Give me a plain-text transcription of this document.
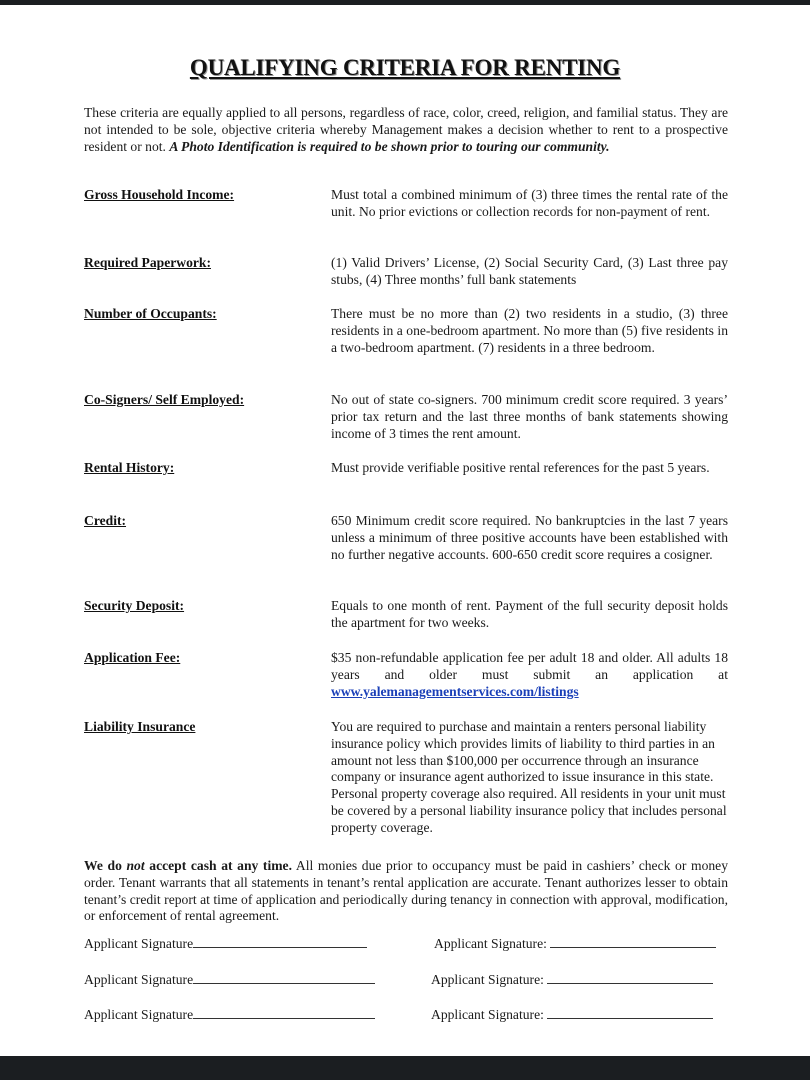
QUALIFYING CRITERIA FOR RENTING
These criteria are equally applied to all persons, regardless of race, color, creed, religion, and familial status. They are not intended to be sole, objective criteria whereby Management makes a decision whether to rent to a prospective resident or not. A Photo Identification is required to be shown prior to touring our community.
Gross Household Income:	Must total a combined minimum of (3) three times the rental rate of the unit. No prior evictions or collection records for non-payment of rent.
Required Paperwork:	(1) Valid Drivers’ License, (2) Social Security Card, (3) Last three pay stubs, (4) Three months’ full bank statements
Number of Occupants:	There must be no more than (2) two residents in a studio, (3) three residents in a one-bedroom apartment. No more than (5) five residents in a two-bedroom apartment. (7) residents in a three bedroom.
Co-Signers/ Self Employed:	No out of state co-signers. 700 minimum credit score required. 3 years’ prior tax return and the last three months of bank statements showing income of 3 times the rent amount.
Rental History:	Must provide verifiable positive rental references for the past 5 years.
Credit:	650 Minimum credit score required. No bankruptcies in the last 7 years unless a minimum of three positive accounts have been established with no further negative accounts. 600-650 credit score requires a cosigner.
Security Deposit:	Equals to one month of rent. Payment of the full security deposit holds the apartment for two weeks.
Application Fee:	$35 non-refundable application fee per adult 18 and older. All adults 18 years and older must submit an application at www.yalemanagementservices.com/listings
Liability Insurance	You are required to purchase and maintain a renters personal liability insurance policy which provides limits of liability to third parties in an amount not less than $100,000 per occurrence through an insurance company or insurance agent authorized to issue insurance in this state. Personal property coverage also required. All residents in your unit must be covered by a personal liability insurance policy that includes personal property coverage.
We do not accept cash at any time. All monies due prior to occupancy must be paid in cashiers’ check or money order. Tenant warrants that all statements in tenant’s rental application are accurate. Tenant authorizes lesser to obtain tenant’s credit report at time of application and periodically during tenancy in connection with approval, modification, or enforcement of rental agreement.
Applicant Signature	Applicant Signature:
Applicant Signature	Applicant Signature:
Applicant Signature	Applicant Signature:
